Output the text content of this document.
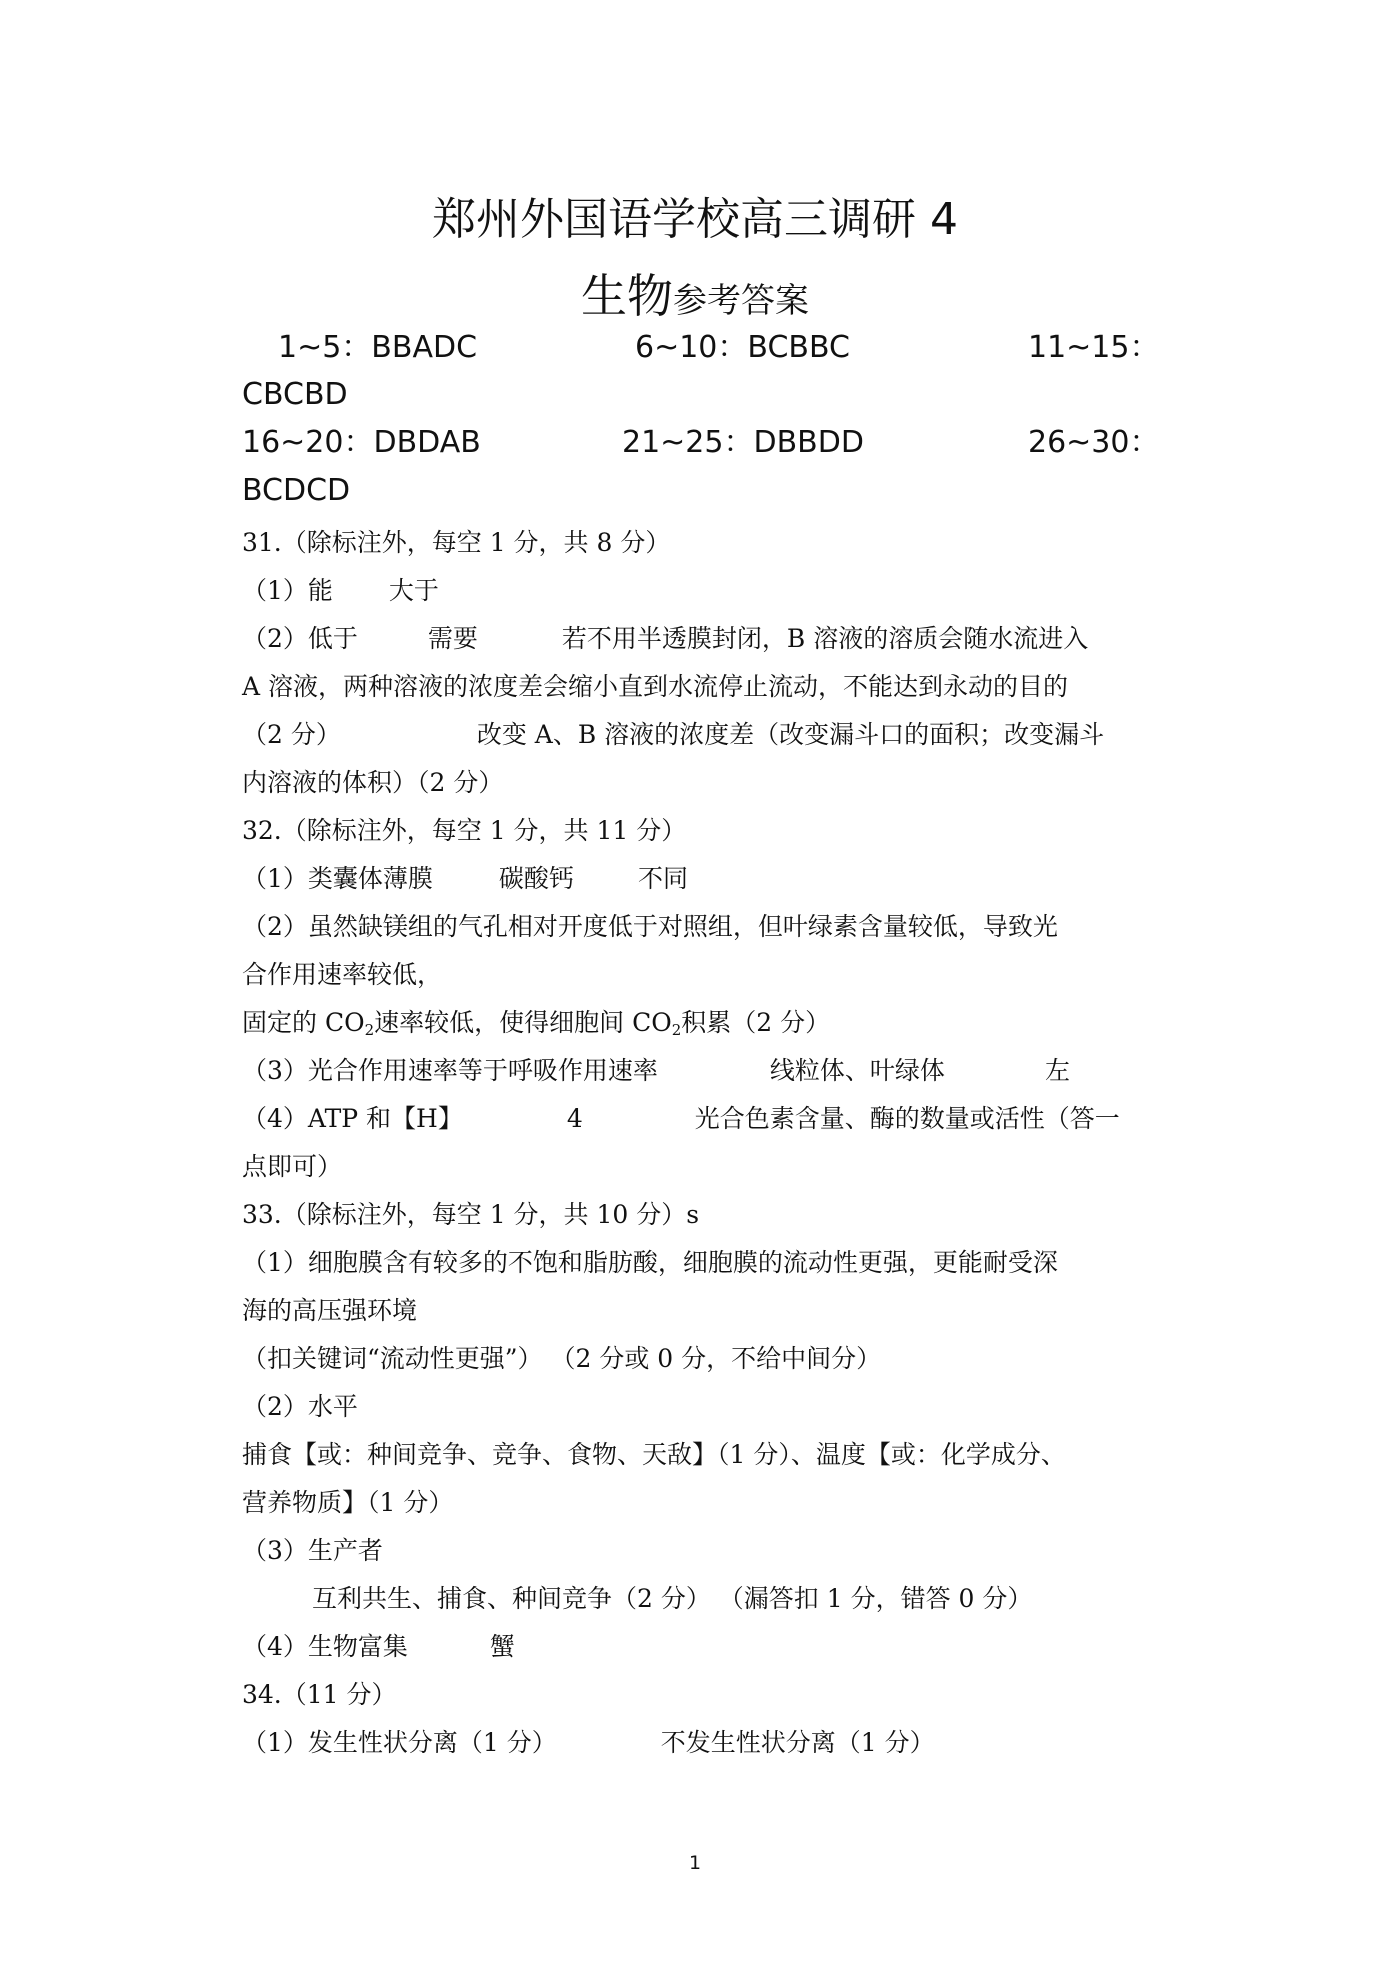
郑州外国语学校高三调研 4
生物参考答案
1~5：BBADC	6~10：BCBBC	11~15：
CBCBD
16~20：DBDAB	21~25：DBBDD	26~30：
BCDCD
31.（除标注外，每空 1 分，共 8 分）
（1）能 大于
（2）低于	需要	若不用半透膜封闭，B 溶液的溶质会随水流进入
A 溶液，两种溶液的浓度差会缩小直到水流停止流动，不能达到永动的目的
（2 分）	改变 A、B 溶液的浓度差（改变漏斗口的面积；改变漏斗
内溶液的体积）（2 分）
32.（除标注外，每空 1 分，共 11 分）
（1）类囊体薄膜	碳酸钙	不同
（2）虽然缺镁组的气孔相对开度低于对照组，但叶绿素含量较低，导致光
合作用速率较低，
固定的 $CO_2$速率较低，使得细胞间 $CO_2$积累（2 分）
（3）光合作用速率等于呼吸作用速率	线粒体、叶绿体	左
（4）ATP 和【H】	4	光合色素含量、酶的数量或活性（答一
点即可）
33.（除标注外，每空 1 分，共 10 分）s
（1）细胞膜含有较多的不饱和脂肪酸，细胞膜的流动性更强，更能耐受深
海的高压强环境
（扣关键词“流动性更强”） （2 分或 0 分，不给中间分）
（2）水平
捕食【或：种间竞争、竞争、食物、天敌】（1 分）、温度【或：化学成分、
营养物质】（1 分）
（3）生产者
互利共生、捕食、种间竞争（2 分） （漏答扣 1 分，错答 0 分）
（4）生物富集	蟹
34.（11 分）
（1）发生性状分离（1 分）	不发生性状分离（1 分）
1
